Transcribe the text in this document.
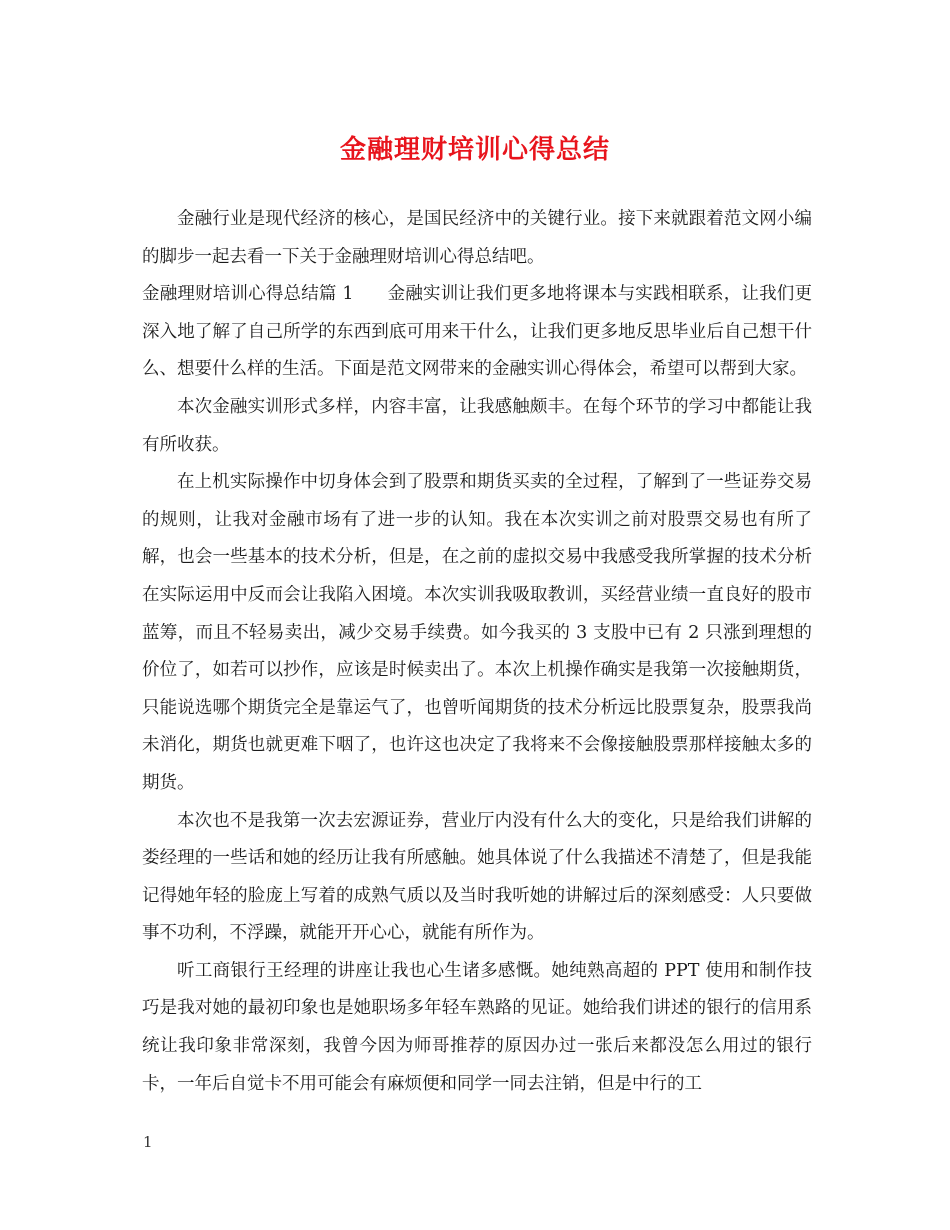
金融理财培训心得总结

金融行业是现代经济的核心，是国民经济中的关键行业。接下来就跟着范文网小编的脚步一起去看一下关于金融理财培训心得总结吧。

金融理财培训心得总结篇 1 金融实训让我们更多地将课本与实践相联系，让我们更深入地了解了自己所学的东西到底可用来干什么，让我们更多地反思毕业后自己想干什么、想要什么样的生活。下面是范文网带来的金融实训心得体会，希望可以帮到大家。

本次金融实训形式多样，内容丰富，让我感触颇丰。在每个环节的学习中都能让我有所收获。

在上机实际操作中切身体会到了股票和期货买卖的全过程，了解到了一些证券交易的规则，让我对金融市场有了进一步的认知。我在本次实训之前对股票交易也有所了解，也会一些基本的技术分析，但是，在之前的虚拟交易中我感受我所掌握的技术分析在实际运用中反而会让我陷入困境。本次实训我吸取教训，买经营业绩一直良好的股市蓝筹，而且不轻易卖出，减少交易手续费。如今我买的 3 支股中已有 2 只涨到理想的价位了，如若可以抄作，应该是时候卖出了。本次上机操作确实是我第一次接触期货，只能说选哪个期货完全是靠运气了，也曾听闻期货的技术分析远比股票复杂，股票我尚未消化，期货也就更难下咽了，也许这也决定了我将来不会像接触股票那样接触太多的期货。

本次也不是我第一次去宏源证券，营业厅内没有什么大的变化，只是给我们讲解的娄经理的一些话和她的经历让我有所感触。她具体说了什么我描述不清楚了，但是我能记得她年轻的脸庞上写着的成熟气质以及当时我听她的讲解过后的深刻感受：人只要做事不功利，不浮躁，就能开开心心，就能有所作为。

听工商银行王经理的讲座让我也心生诸多感慨。她纯熟高超的 PPT 使用和制作技巧是我对她的最初印象也是她职场多年轻车熟路的见证。她给我们讲述的银行的信用系统让我印象非常深刻，我曾今因为师哥推荐的原因办过一张后来都没怎么用过的银行卡，一年后自觉卡不用可能会有麻烦便和同学一同去注销，但是中行的工

1
